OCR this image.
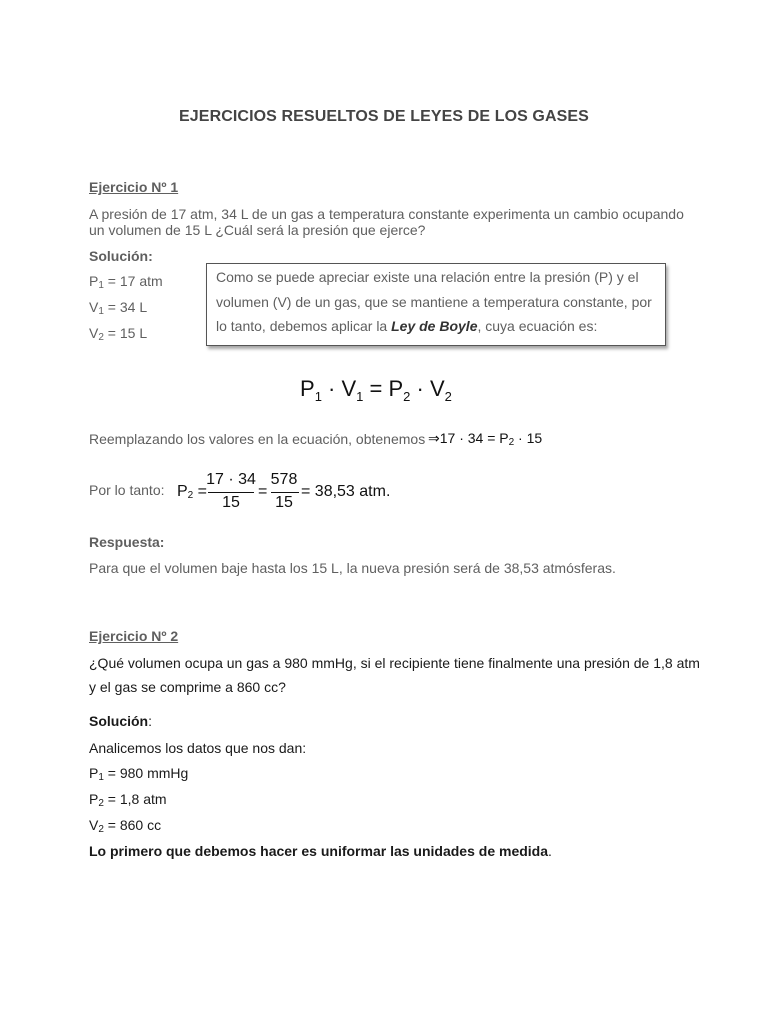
EJERCICIOS RESUELTOS DE LEYES DE LOS GASES
Ejercicio Nº 1
A presión de 17 atm, 34 L de un gas a temperatura constante experimenta un cambio ocupando
un volumen de 15 L ¿Cuál será la presión que ejerce?
Solución:
$P_1 = 17$ atm
$V_1 = 34$ L
$V_2 = 15$ L
Como se puede apreciar existe una relación entre la presión (P) y el
volumen (V) de un gas, que se mantiene a temperatura constante, por
lo tanto, debemos aplicar la Ley de Boyle, cuya ecuación es:
$P_1 \cdot V_1 = P_2 \cdot V_2$
Reemplazando los valores en la ecuación, obtenemos ⇒17 · $34 = P_2 \cdot 15$
Por lo tanto: $P_2$ =
17 · 34
15
=
578
15
= 38,53 atm.
Respuesta:
Para que el volumen baje hasta los 15 L, la nueva presión será de 38,53 atmósferas.
Ejercicio Nº 2
¿Qué volumen ocupa un gas a 980 mmHg, si el recipiente tiene finalmente una presión de 1,8 atm
y el gas se comprime a 860 cc?
Solución:
Analicemos los datos que nos dan:
$P_1 = 980$ mmHg
$P_2 = 1,8$ atm
$V_2 = 860$ cc
Lo primero que debemos hacer es uniformar las unidades de medida.
